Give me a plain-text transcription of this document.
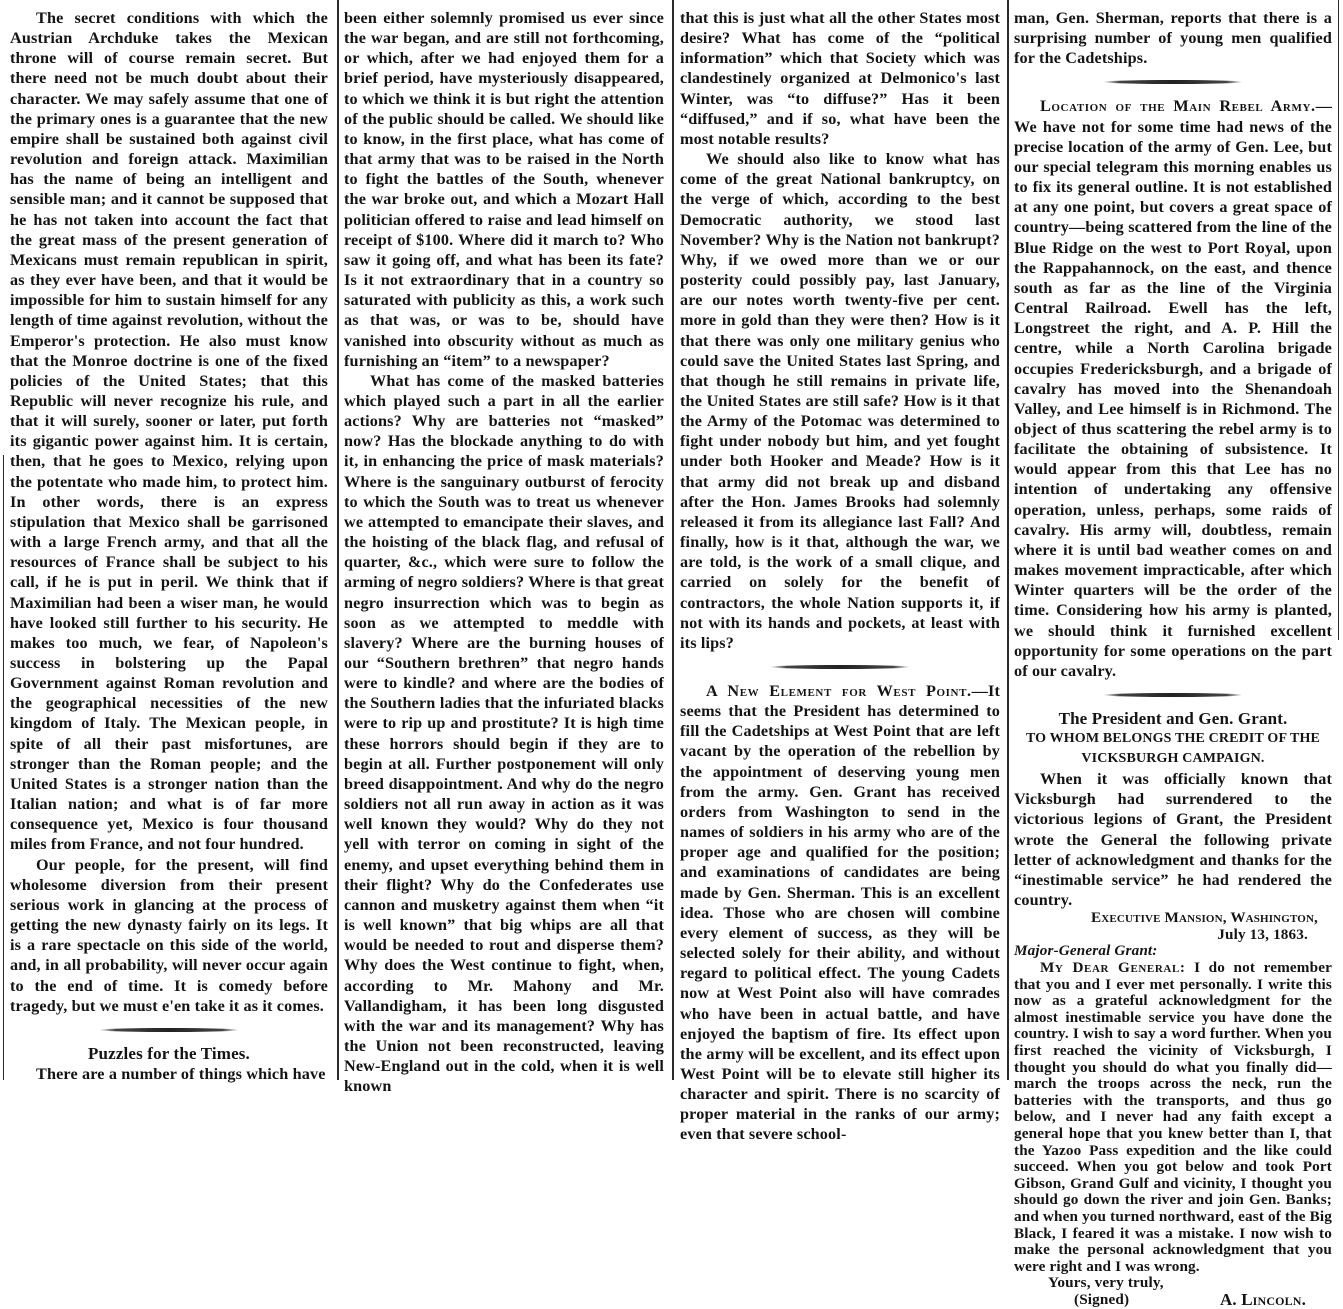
The secret conditions with which the Austrian Archduke takes the Mexican throne will of course remain secret. But there need not be much doubt about their character. We may safely assume that one of the primary ones is a guarantee that the new empire shall be sustained both against civil revolution and foreign attack. Maximilian has the name of being an intelligent and sensible man; and it cannot be supposed that he has not taken into account the fact that the great mass of the present generation of Mexicans must remain republican in spirit, as they ever have been, and that it would be impossible for him to sustain himself for any length of time against revolution, without the Emperor's protection. He also must know that the Monroe doctrine is one of the fixed policies of the United States; that this Republic will never recognize his rule, and that it will surely, sooner or later, put forth its gigantic power against him. It is certain, then, that he goes to Mexico, relying upon the potentate who made him, to protect him. In other words, there is an express stipulation that Mexico shall be garrisoned with a large French army, and that all the resources of France shall be subject to his call, if he is put in peril. We think that if Maximilian had been a wiser man, he would have looked still further to his security. He makes too much, we fear, of Napoleon's success in bolstering up the Papal Government against Roman revolution and the geographical necessities of the new kingdom of Italy. The Mexican people, in spite of all their past misfortunes, are stronger than the Roman people; and the United States is a stronger nation than the Italian nation; and what is of far more consequence yet, Mexico is four thousand miles from France, and not four hundred.

Our people, for the present, will find wholesome diversion from their present serious work in glancing at the process of getting the new dynasty fairly on its legs. It is a rare spectacle on this side of the world, and, in all probability, will never occur again to the end of time. It is comedy before tragedy, but we must e'en take it as it comes.

Puzzles for the Times.

There are a number of things which have

been either solemnly promised us ever since the war began, and are still not forthcoming, or which, after we had enjoyed them for a brief period, have mysteriously disappeared, to which we think it is but right the attention of the public should be called. We should like to know, in the first place, what has come of that army that was to be raised in the North to fight the battles of the South, whenever the war broke out, and which a Mozart Hall politician offered to raise and lead himself on receipt of $100. Where did it march to? Who saw it going off, and what has been its fate? Is it not extraordinary that in a country so saturated with publicity as this, a work such as that was, or was to be, should have vanished into obscurity without as much as furnishing an “item” to a newspaper?

What has come of the masked batteries which played such a part in all the earlier actions? Why are batteries not “masked” now? Has the blockade anything to do with it, in enhancing the price of mask materials? Where is the sanguinary outburst of ferocity to which the South was to treat us whenever we attempted to emancipate their slaves, and the hoisting of the black flag, and refusal of quarter, &c., which were sure to follow the arming of negro soldiers? Where is that great negro insurrection which was to begin as soon as we attempted to meddle with slavery? Where are the burning houses of our “Southern brethren” that negro hands were to kindle? and where are the bodies of the Southern ladies that the infuriated blacks were to rip up and prostitute? It is high time these horrors should begin if they are to begin at all. Further postponement will only breed disappointment. And why do the negro soldiers not all run away in action as it was well known they would? Why do they not yell with terror on coming in sight of the enemy, and upset everything behind them in their flight? Why do the Confederates use cannon and musketry against them when “it is well known” that big whips are all that would be needed to rout and disperse them? Why does the West continue to fight, when, according to Mr. Mahony and Mr. Vallandigham, it has been long disgusted with the war and its management? Why has the Union not been reconstructed, leaving New-England out in the cold, when it is well known

that this is just what all the other States most desire? What has come of the “political information” which that Society which was clandestinely organized at Delmonico's last Winter, was “to diffuse?” Has it been “diffused,” and if so, what have been the most notable results?

We should also like to know what has come of the great National bankruptcy, on the verge of which, according to the best Democratic authority, we stood last November? Why is the Nation not bankrupt? Why, if we owed more than we or our posterity could possibly pay, last January, are our notes worth twenty-five per cent. more in gold than they were then? How is it that there was only one military genius who could save the United States last Spring, and that though he still remains in private life, the United States are still safe? How is it that the Army of the Potomac was determined to fight under nobody but him, and yet fought under both Hooker and Meade? How is it that army did not break up and disband after the Hon. James Brooks had solemnly released it from its allegiance last Fall? And finally, how is it that, although the war, we are told, is the work of a small clique, and carried on solely for the benefit of contractors, the whole Nation supports it, if not with its hands and pockets, at least with its lips?

A New Element for West Point.—It seems that the President has determined to fill the Cadetships at West Point that are left vacant by the operation of the rebellion by the appointment of deserving young men from the army. Gen. Grant has received orders from Washington to send in the names of soldiers in his army who are of the proper age and qualified for the position; and examinations of candidates are being made by Gen. Sherman. This is an excellent idea. Those who are chosen will combine every element of success, as they will be selected solely for their ability, and without regard to political effect. The young Cadets now at West Point also will have comrades who have been in actual battle, and have enjoyed the baptism of fire. Its effect upon the army will be excellent, and its effect upon West Point will be to elevate still higher its character and spirit. There is no scarcity of proper material in the ranks of our army; even that severe school-

man, Gen. Sherman, reports that there is a surprising number of young men qualified for the Cadetships.

Location of the Main Rebel Army.—We have not for some time had news of the precise location of the army of Gen. Lee, but our special telegram this morning enables us to fix its general outline. It is not established at any one point, but covers a great space of country—being scattered from the line of the Blue Ridge on the west to Port Royal, upon the Rappahannock, on the east, and thence south as far as the line of the Virginia Central Railroad. Ewell has the left, Longstreet the right, and A. P. Hill the centre, while a North Carolina brigade occupies Fredericksburgh, and a brigade of cavalry has moved into the Shenandoah Valley, and Lee himself is in Richmond. The object of thus scattering the rebel army is to facilitate the obtaining of subsistence. It would appear from this that Lee has no intention of undertaking any offensive operation, unless, perhaps, some raids of cavalry. His army will, doubtless, remain where it is until bad weather comes on and makes movement impracticable, after which Winter quarters will be the order of the time. Considering how his army is planted, we should think it furnished excellent opportunity for some operations on the part of our cavalry.

The President and Gen. Grant.

TO WHOM BELONGS THE CREDIT OF THE VICKSBURGH CAMPAIGN.

When it was officially known that Vicksburgh had surrendered to the victorious legions of Grant, the President wrote the General the following private letter of acknowledgment and thanks for the “inestimable service” he had rendered the country.

Executive Mansion, Washington,

July 13, 1863.

Major-General Grant:

My Dear General: I do not remember that you and I ever met personally. I write this now as a grateful acknowledgment for the almost inestimable service you have done the country. I wish to say a word further. When you first reached the vicinity of Vicksburgh, I thought you should do what you finally did—march the troops across the neck, run the batteries with the transports, and thus go below, and I never had any faith except a general hope that you knew better than I, that the Yazoo Pass expedition and the like could succeed. When you got below and took Port Gibson, Grand Gulf and vicinity, I thought you should go down the river and join Gen. Banks; and when you turned northward, east of the Big Black, I feared it was a mistake. I now wish to make the personal acknowledgment that you were right and I was wrong.

Yours, very truly,

(Signed)	A. Lincoln.
